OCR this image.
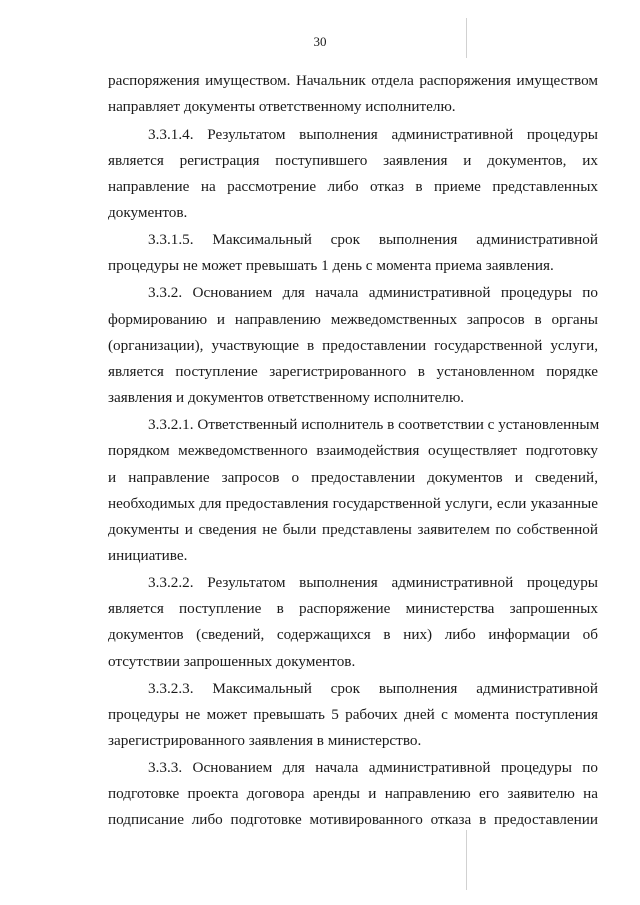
30
распоряжения имуществом. Начальник отдела распоряжения имуществом
направляет документы ответственному исполнителю.
3.3.1.4. Результатом выполнения административной процедуры
является регистрация поступившего заявления и документов, их
направление на рассмотрение либо отказ в приеме представленных
документов.
3.3.1.5. Максимальный срок выполнения административной
процедуры не может превышать 1 день с момента приема заявления.
3.3.2. Основанием для начала административной процедуры по
формированию и направлению межведомственных запросов в органы
(организации), участвующие в предоставлении государственной услуги,
является поступление зарегистрированного в установленном порядке
заявления и документов ответственному исполнителю.
3.3.2.1. Ответственный исполнитель в соответствии с установленным
порядком межведомственного взаимодействия осуществляет подготовку
и направление запросов о предоставлении документов и сведений,
необходимых для предоставления государственной услуги, если указанные
документы и сведения не были представлены заявителем по собственной
инициативе.
3.3.2.2. Результатом выполнения административной процедуры
является поступление в распоряжение министерства запрошенных
документов (сведений, содержащихся в них) либо информации об
отсутствии запрошенных документов.
3.3.2.3. Максимальный срок выполнения административной
процедуры не может превышать 5 рабочих дней с момента поступления
зарегистрированного заявления в министерство.
3.3.3. Основанием для начала административной процедуры по
подготовке проекта договора аренды и направлению его заявителю на
подписание либо подготовке мотивированного отказа в предоставлении
